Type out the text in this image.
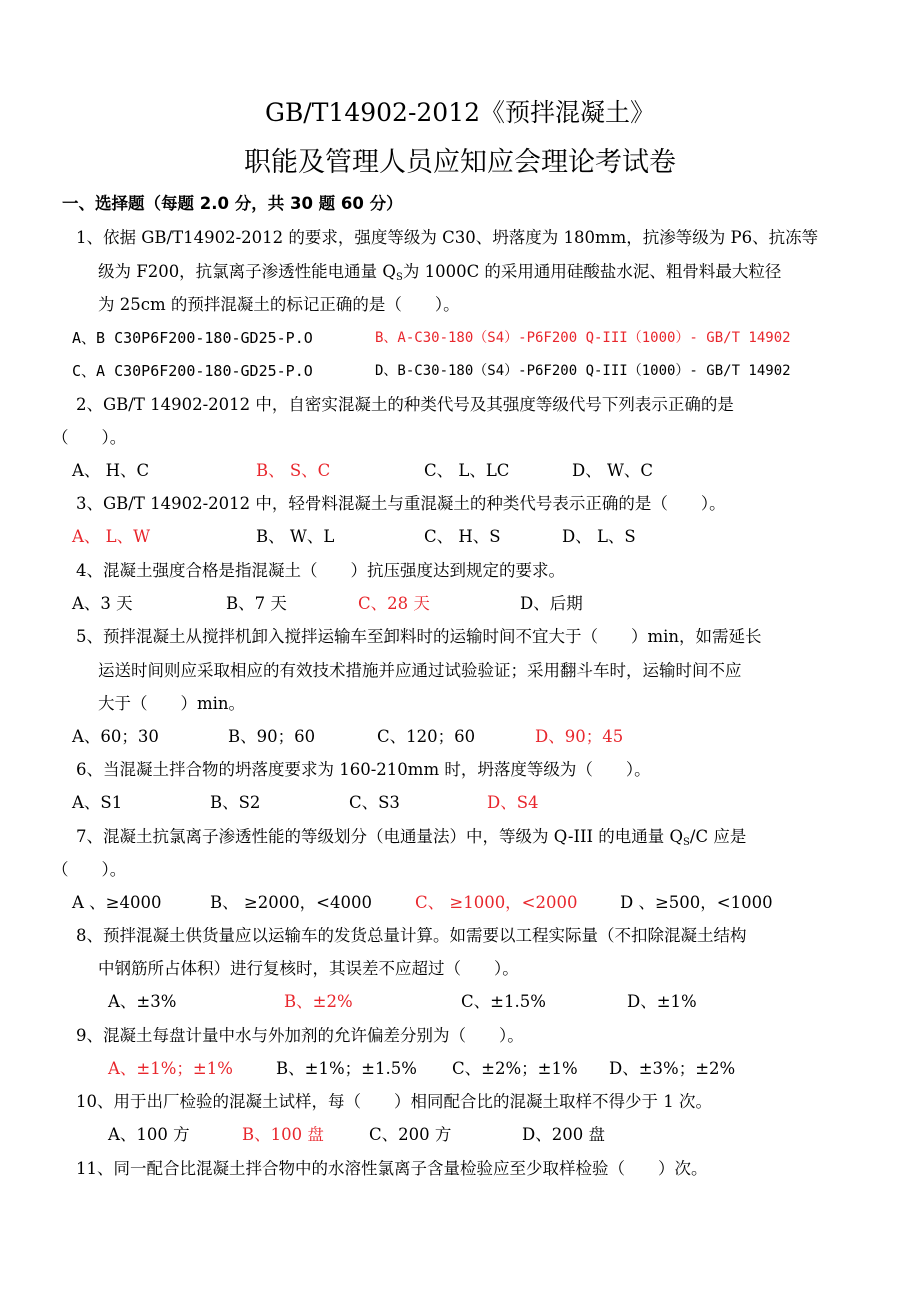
GB/T14902-2012《预拌混凝土》
职能及管理人员应知应会理论考试卷
一、选择题（每题 2.0 分，共 30 题 60 分）
1、依据 GB/T14902-2012 的要求，强度等级为 C30、坍落度为 180mm，抗渗等级为 P6、抗冻等
级为 F200，抗氯离子渗透性能电通量 $Q_S$为 1000C 的采用通用硅酸盐水泥、粗骨料最大粒径
为 25cm 的预拌混凝土的标记正确的是（　　）。
A、B C30P6F200-180-GD25-P.O	B、A-C30-180（S4）-P6F200 Q-III（1000）- GB/T 14902
C、A C30P6F200-180-GD25-P.O	D、B-C30-180（S4）-P6F200 Q-III（1000）- GB/T 14902
2、GB/T 14902-2012 中，自密实混凝土的种类代号及其强度等级代号下列表示正确的是
（　　）。
A、 H、C	B、 S、C	C、 L、LC	D、 W、C
3、GB/T 14902-2012 中，轻骨料混凝土与重混凝土的种类代号表示正确的是（　　）。
A、 L、W	B、 W、L	C、 H、S	D、 L、S
4、混凝土强度合格是指混凝土（　　）抗压强度达到规定的要求。
A、3 天	B、7 天	C、28 天	D、后期
5、预拌混凝土从搅拌机卸入搅拌运输车至卸料时的运输时间不宜大于（　　）min，如需延长
运送时间则应采取相应的有效技术措施并应通过试验验证；采用翻斗车时，运输时间不应
大于（　　）min。
A、60；30	B、90；60	C、120；60	D、90；45
6、当混凝土拌合物的坍落度要求为 160-210mm 时，坍落度等级为（　　）。
A、S1	B、S2	C、S3	D、S4
7、混凝土抗氯离子渗透性能的等级划分（电通量法）中，等级为 Q-III 的电通量 $Q_S/C$ 应是
（　　）。
A 、≥4000	B、 ≥2000，<4000	C、 ≥1000，<2000	D 、≥500，<1000
8、预拌混凝土供货量应以运输车的发货总量计算。如需要以工程实际量（不扣除混凝土结构
中钢筋所占体积）进行复核时，其误差不应超过（　　）。
A、±3%	B、±2%	C、±1.5%	D、±1%
9、混凝土每盘计量中水与外加剂的允许偏差分别为（　　）。
A、±1%；±1%	B、±1%；±1.5% C、±2%；±1% D、±3%；±2%
10、用于出厂检验的混凝土试样，每（　　）相同配合比的混凝土取样不得少于 1 次。
A、100 方	B、100 盘	C、200 方	D、200 盘
11、同一配合比混凝土拌合物中的水溶性氯离子含量检验应至少取样检验（　　）次。
